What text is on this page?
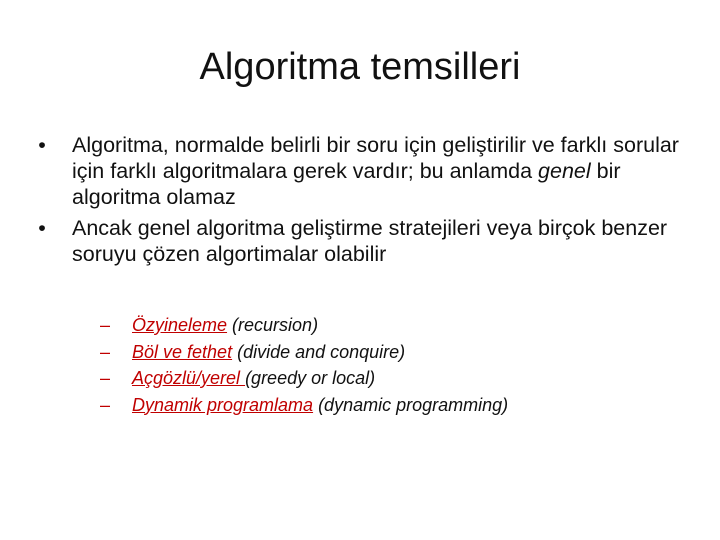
Algoritma temsilleri
•	Algoritma, normalde belirli bir soru için geliştirilir ve farklı sorular için farklı algoritmalara gerek vardır; bu anlamda genel bir algoritma olamaz
•	Ancak genel algoritma geliştirme stratejileri veya birçok benzer soruyu çözen algortimalar olabilir
– Özyineleme (recursion)
– Böl ve fethet (divide and conquire)
– Açgözlü/yerel (greedy or local)
– Dynamik programlama (dynamic programming)
